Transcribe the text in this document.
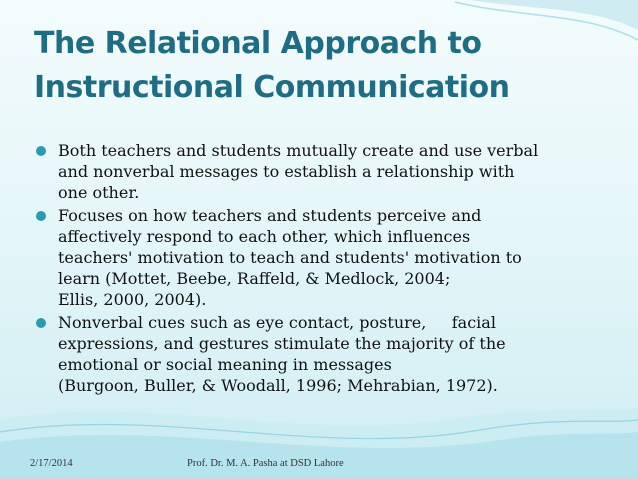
The Relational Approach to
Instructional Communication
Both teachers and students mutually create and use verbal
and nonverbal messages to establish a relationship with
one other.
Focuses on how teachers and students perceive and
affectively respond to each other, which influences
teachers' motivation to teach and students' motivation to
learn (Mottet, Beebe, Raffeld, & Medlock, 2004;
Ellis, 2000, 2004).
Nonverbal cues such as eye contact, posture,     facial
expressions, and gestures stimulate the majority of the
emotional or social meaning in messages
(Burgoon, Buller, & Woodall, 1996; Mehrabian, 1972).
2/17/2014	Prof. Dr. M. A. Pasha at DSD Lahore
